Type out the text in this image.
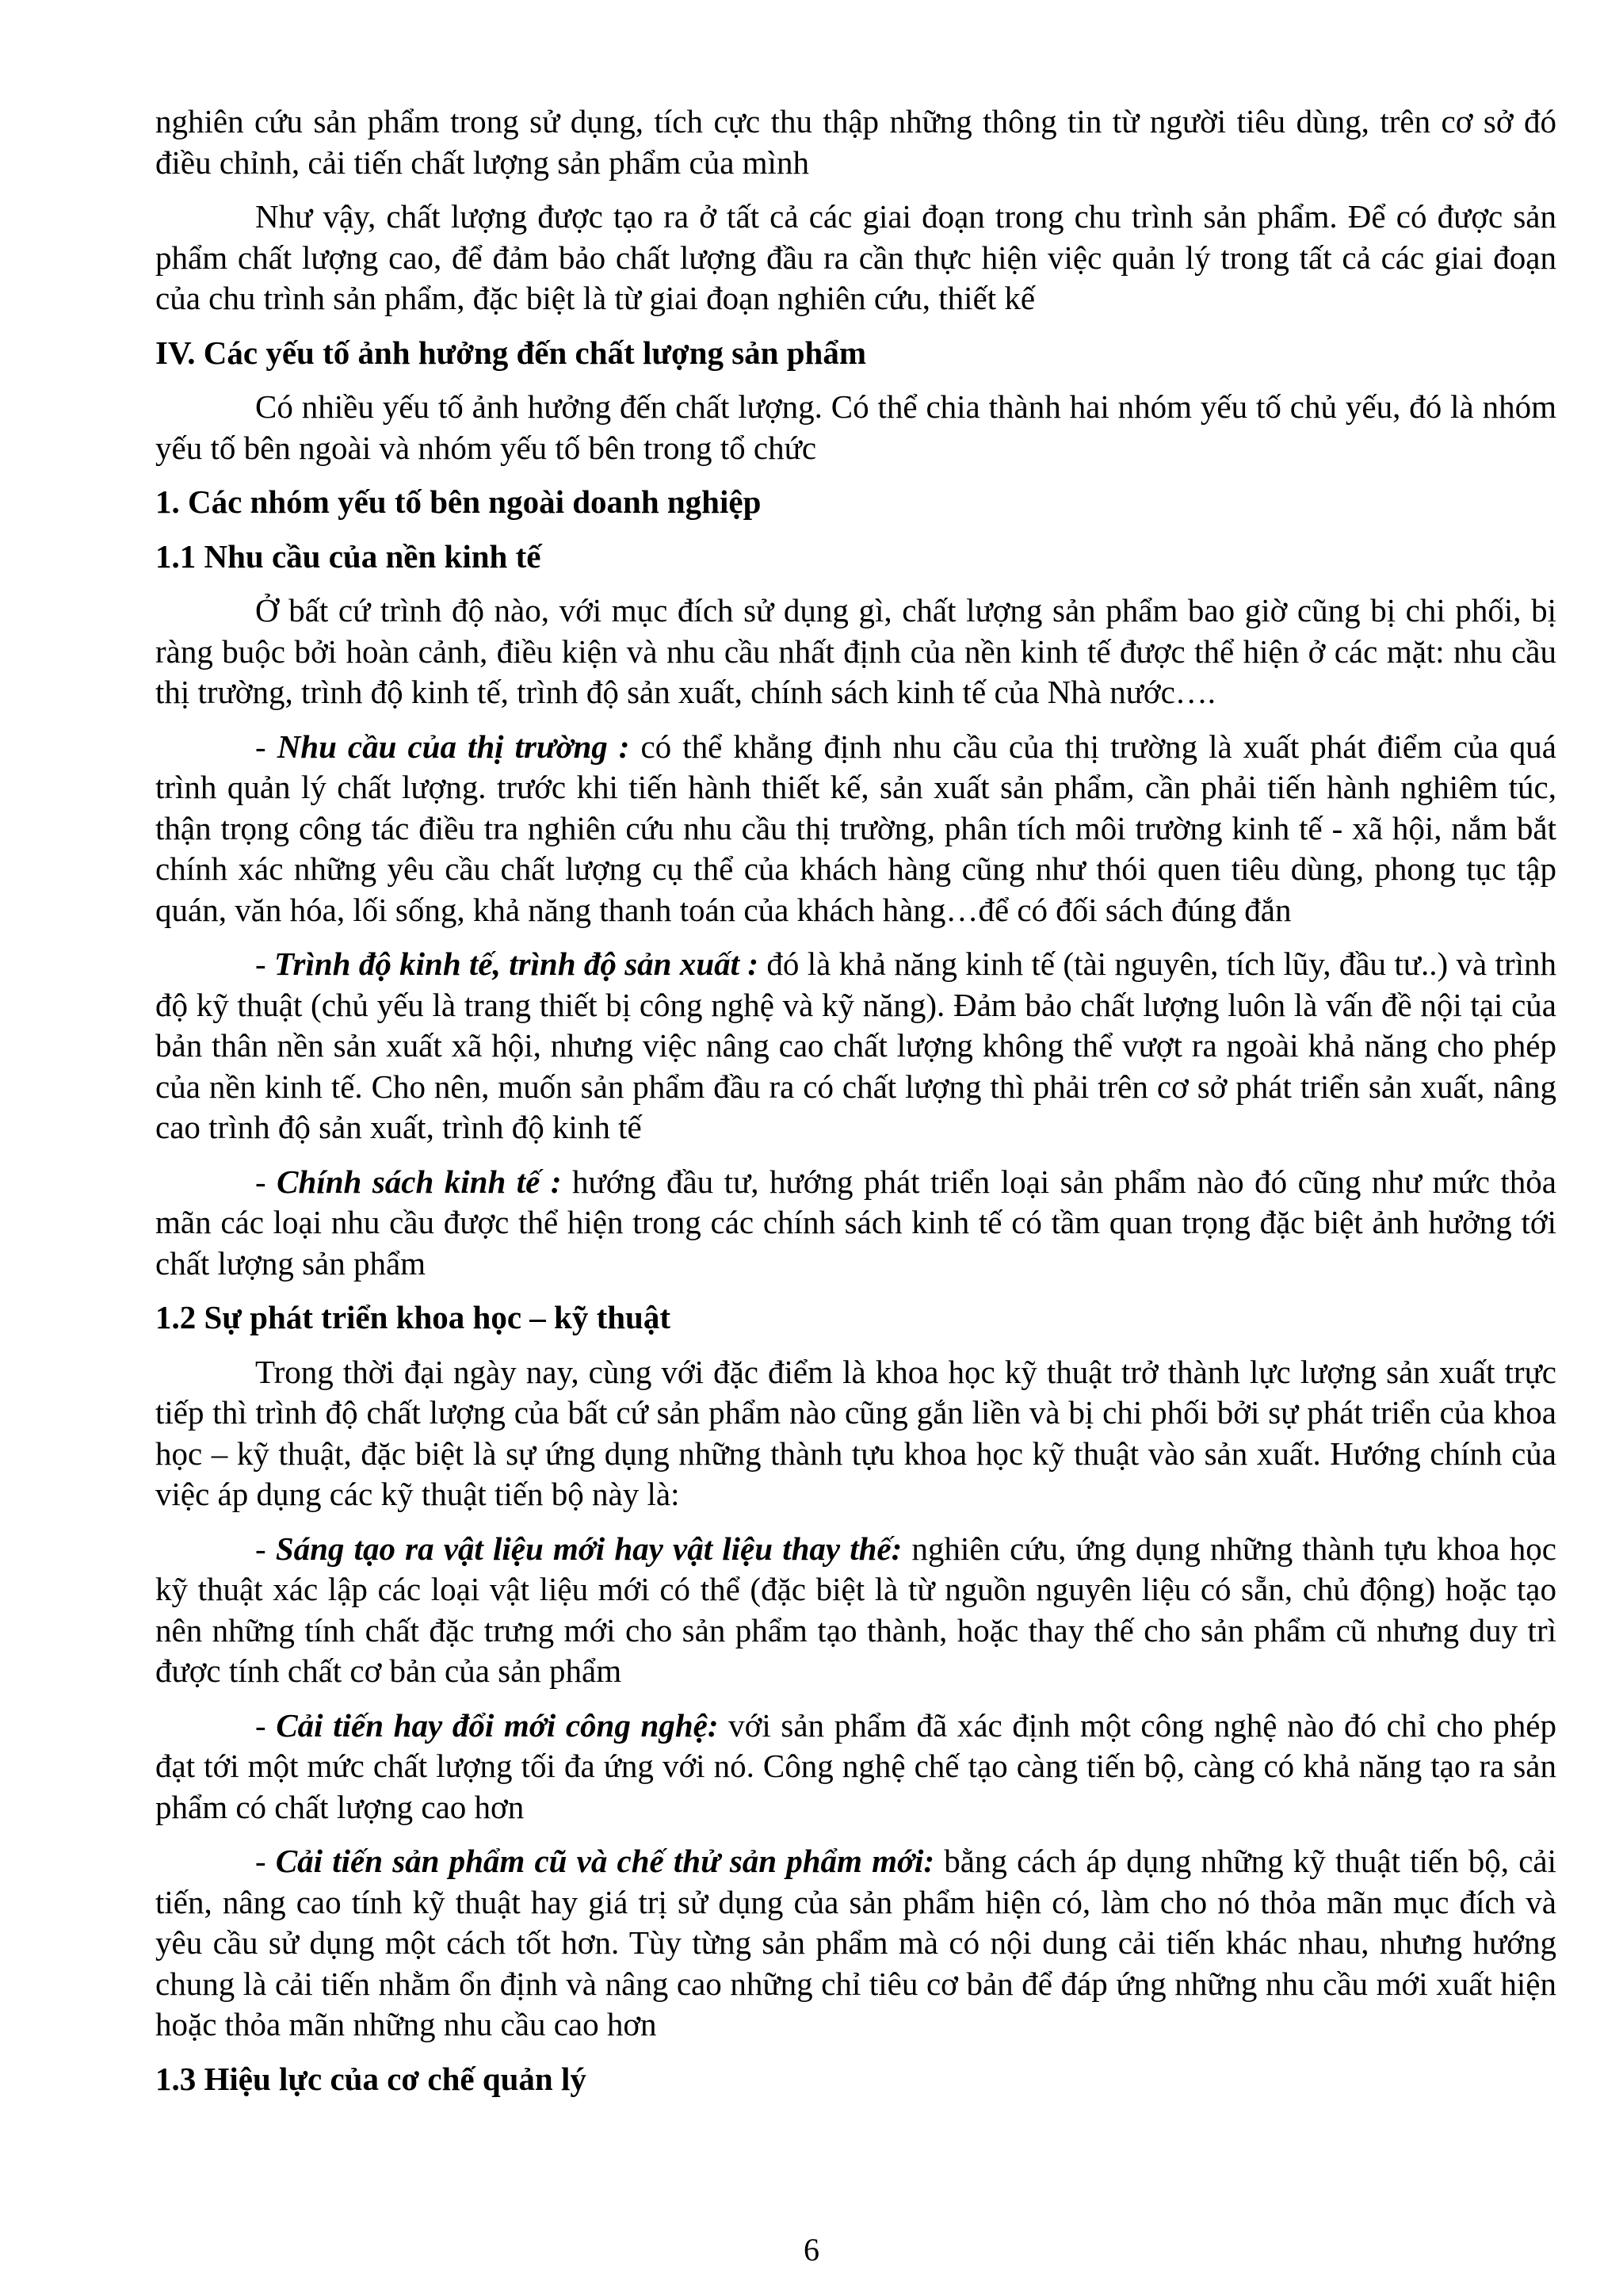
nghiên cứu sản phẩm trong sử dụng, tích cực thu thập những thông tin từ người tiêu dùng, trên cơ sở đó điều chỉnh, cải tiến chất lượng sản phẩm của mình

Như vậy, chất lượng được tạo ra ở tất cả các giai đoạn trong chu trình sản phẩm. Để có được sản phẩm chất lượng cao, để đảm bảo chất lượng đầu ra cần thực hiện việc quản lý trong tất cả các giai đoạn của chu trình sản phẩm, đặc biệt là từ giai đoạn nghiên cứu, thiết kế

IV. Các yếu tố ảnh hưởng đến chất lượng sản phẩm

Có nhiều yếu tố ảnh hưởng đến chất lượng. Có thể chia thành hai nhóm yếu tố chủ yếu, đó là nhóm yếu tố bên ngoài và nhóm yếu tố bên trong tổ chức

1. Các nhóm yếu tố bên ngoài doanh nghiệp

1.1 Nhu cầu của nền kinh tế

Ở bất cứ trình độ nào, với mục đích sử dụng gì, chất lượng sản phẩm bao giờ cũng bị chi phối, bị ràng buộc bởi hoàn cảnh, điều kiện và nhu cầu nhất định của nền kinh tế được thể hiện ở các mặt: nhu cầu thị trường, trình độ kinh tế, trình độ sản xuất, chính sách kinh tế của Nhà nước….

- Nhu cầu của thị trường : có thể khẳng định nhu cầu của thị trường là xuất phát điểm của quá trình quản lý chất lượng. trước khi tiến hành thiết kế, sản xuất sản phẩm, cần phải tiến hành nghiêm túc, thận trọng công tác điều tra nghiên cứu nhu cầu thị trường, phân tích môi trường kinh tế - xã hội, nắm bắt chính xác những yêu cầu chất lượng cụ thể của khách hàng cũng như thói quen tiêu dùng, phong tục tập quán, văn hóa, lối sống, khả năng thanh toán của khách hàng…để có đối sách đúng đắn

- Trình độ kinh tế, trình độ sản xuất : đó là khả năng kinh tế (tài nguyên, tích lũy, đầu tư..) và trình độ kỹ thuật (chủ yếu là trang thiết bị công nghệ và kỹ năng). Đảm bảo chất lượng luôn là vấn đề nội tại của bản thân nền sản xuất xã hội, nhưng việc nâng cao chất lượng không thể vượt ra ngoài khả năng cho phép của nền kinh tế. Cho nên, muốn sản phẩm đầu ra có chất lượng thì phải trên cơ sở phát triển sản xuất, nâng cao trình độ sản xuất, trình độ kinh tế

- Chính sách kinh tế : hướng đầu tư, hướng phát triển loại sản phẩm nào đó cũng như mức thỏa mãn các loại nhu cầu được thể hiện trong các chính sách kinh tế có tầm quan trọng đặc biệt ảnh hưởng tới chất lượng sản phẩm

1.2 Sự phát triển khoa học – kỹ thuật

Trong thời đại ngày nay, cùng với đặc điểm là khoa học kỹ thuật trở thành lực lượng sản xuất trực tiếp thì trình độ chất lượng của bất cứ sản phẩm nào cũng gắn liền và bị chi phối bởi sự phát triển của khoa học – kỹ thuật, đặc biệt là sự ứng dụng những thành tựu khoa học kỹ thuật vào sản xuất. Hướng chính của việc áp dụng các kỹ thuật tiến bộ này là:

- Sáng tạo ra vật liệu mới hay vật liệu thay thế: nghiên cứu, ứng dụng những thành tựu khoa học kỹ thuật xác lập các loại vật liệu mới có thể (đặc biệt là từ nguồn nguyên liệu có sẵn, chủ động) hoặc tạo nên những tính chất đặc trưng mới cho sản phẩm tạo thành, hoặc thay thế cho sản phẩm cũ nhưng duy trì được tính chất cơ bản của sản phẩm

- Cải tiến hay đổi mới công nghệ: với sản phẩm đã xác định một công nghệ nào đó chỉ cho phép đạt tới một mức chất lượng tối đa ứng với nó. Công nghệ chế tạo càng tiến bộ, càng có khả năng tạo ra sản phẩm có chất lượng cao hơn

- Cải tiến sản phẩm cũ và chế thử sản phẩm mới: bằng cách áp dụng những kỹ thuật tiến bộ, cải tiến, nâng cao tính kỹ thuật hay giá trị sử dụng của sản phẩm hiện có, làm cho nó thỏa mãn mục đích và yêu cầu sử dụng một cách tốt hơn. Tùy từng sản phẩm mà có nội dung cải tiến khác nhau, nhưng hướng chung là cải tiến nhằm ổn định và nâng cao những chỉ tiêu cơ bản để đáp ứng những nhu cầu mới xuất hiện hoặc thỏa mãn những nhu cầu cao hơn

1.3 Hiệu lực của cơ chế quản lý

6
